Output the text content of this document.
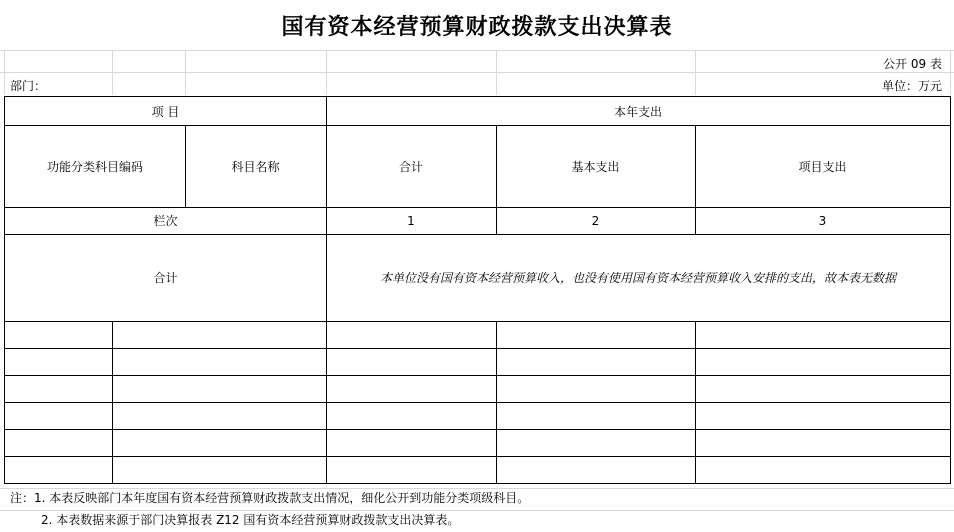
国有资本经营预算财政拨款支出决算表
公开 09 表
部门：	单位：万元
项 目	本年支出
功能分类科目编码	科目名称	合计	基本支出	项目支出
栏次	1	2	3
合计	本单位没有国有资本经营预算收入，也没有使用国有资本经营预算收入安排的支出，故本表无数据
注：1. 本表反映部门本年度国有资本经营预算财政拨款支出情况，细化公开到功能分类项级科目。
2. 本表数据来源于部门决算报表 Z12 国有资本经营预算财政拨款支出决算表。
